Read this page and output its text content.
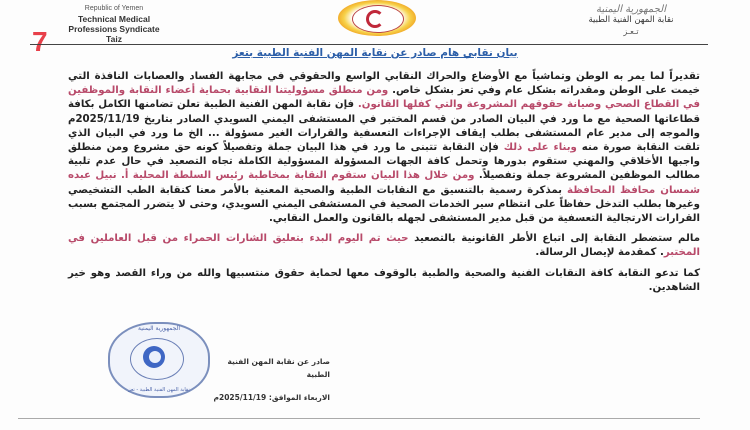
Republic of Yemen
Technical Medical
Professions Syndicate
Taiz
الجمهورية اليمنية
نقابة المهن الفنية الطبية
تـعـز
7	بيان نقابي هام صادر عن نقابة المهن الفنية الطبية بتعز

تقديراً لما يمر به الوطن وتماشياً مع الأوضاع والحراك النقابي الواسع والحقوقي في مجابهة الفساد والعصابات النافذة التي خيمت على الوطن ومقدراته بشكل عام وفي تعز بشكل خاص. ومن منطلق مسؤوليتنا النقابية بحماية أعضاء النقابة والموظفين في القطاع الصحي وصيانة حقوقهم المشروعة والتي كفلها القانون. فإن نقابة المهن الفنية الطبية تعلن تضامنها الكامل بكافة قطاعاتها الصحية مع ما ورد في البيان الصادر من قسم المختبر في المستشفى اليمني السويدي الصادر بتاريخ 2025/11/19م والموجه إلى مدير عام المستشفى بطلب إيقاف الإجراءات التعسفية والقرارات الغير مسؤولة ... الخ ما ورد في البيان الذي تلقت النقابة صورة منه وبناء على ذلك فإن النقابة تتبنى ما ورد في هذا البيان جملة وتفصيلاً كونه حق مشروع ومن منطلق واجبها الأخلاقي والمهني ستقوم بدورها وتحمل كافة الجهات المسؤولة المسؤولية الكاملة تجاه التصعيد في حال عدم تلبية مطالب الموظفين المشروعة جملة وتفصيلاً. ومن خلال هذا البيان ستقوم النقابة بمخاطبة رئيس السلطة المحلية أ. نبيل عبده شمسان محافظ المحافظة بمذكرة رسمية بالتنسيق مع النقابات الطبية والصحية المعنية بالأمر معنا كنقابة الطب التشخيصي وغيرها بطلب التدخل حفاظاً على انتظام سير الخدمات الصحية في المستشفى اليمني السويدي، وحتى لا يتضرر المجتمع بسبب القرارات الارتجالية التعسفية من قبل مدير المستشفى لجهله بالقانون والعمل النقابي.

مالم ستضطر النقابة إلى اتباع الأطر القانونية بالتصعيد حيث تم اليوم البدء بتعليق الشارات الحمراء من قبل العاملين في المختبر. كمقدمة لإيصال الرسالة.

كما تدعو النقابة كافة النقابات الفنية والصحية والطبية بالوقوف معها لحماية حقوق منتسبيها والله من وراء القصد وهو خير الشاهدين.

الجمهورية اليمنية
نقابة المهن الفنية الطبية - تعز
صادر عن نقابة المهن الفنية الطبية
الاربعاء الموافق: 2025/11/19م
